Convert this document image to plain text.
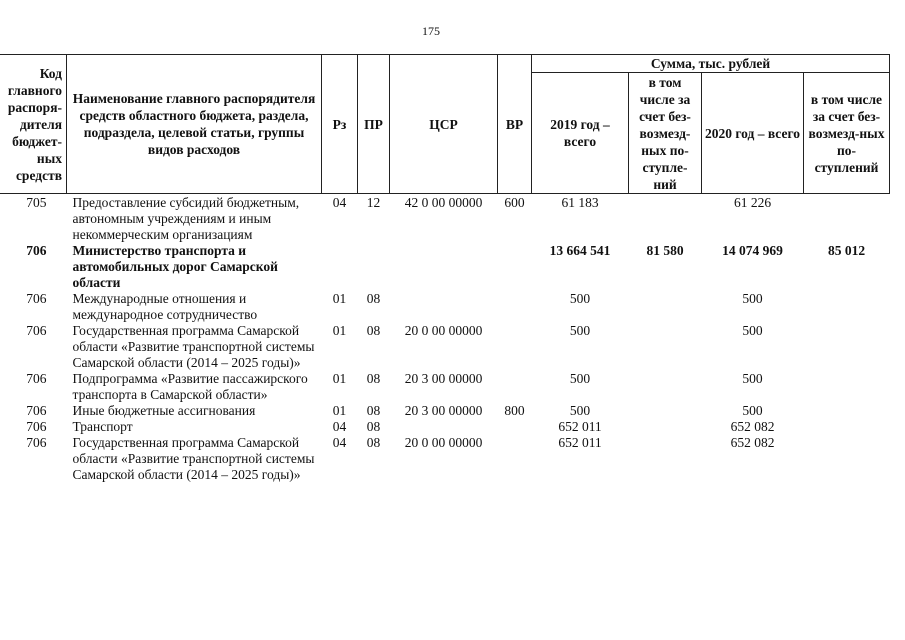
175
Код главного распоря-дителя бюджет-ных средств	Наименование главного распорядителя средств областного бюджета, раздела, подраздела, целевой статьи, группы видов расходов	Рз	ПР	ЦСР	ВР	Сумма, тыс. рублей			
						2019 год – всего	в том числе за счет без-возмезд-ных по-ступле-ний	2020 год – всего	в том числе за счет без-возмезд-ных по-ступлений
705	Предоставление субсидий бюджетным, автономным учреждениям и иным некоммерческим организациям	04	12	42 0 00 00000	600	61 183		61 226	
706	Министерство транспорта и автомобильных дорог Самарской области					13 664 541	81 580	14 074 969	85 012
706	Международные отношения и международное сотрудничество	01	08			500		500	
706	Государственная программа Самарской области «Развитие транспортной системы Самарской области (2014 – 2025 годы)»	01	08	20 0 00 00000		500		500	
706	Подпрограмма «Развитие пассажирского транспорта в Самарской области»	01	08	20 3 00 00000		500		500	
706	Иные бюджетные ассигнования	01	08	20 3 00 00000	800	500		500	
706	Транспорт	04	08			652 011		652 082	
706	Государственная программа Самарской области «Развитие транспортной системы Самарской области (2014 – 2025 годы)»	04	08	20 0 00 00000		652 011		652 082	
